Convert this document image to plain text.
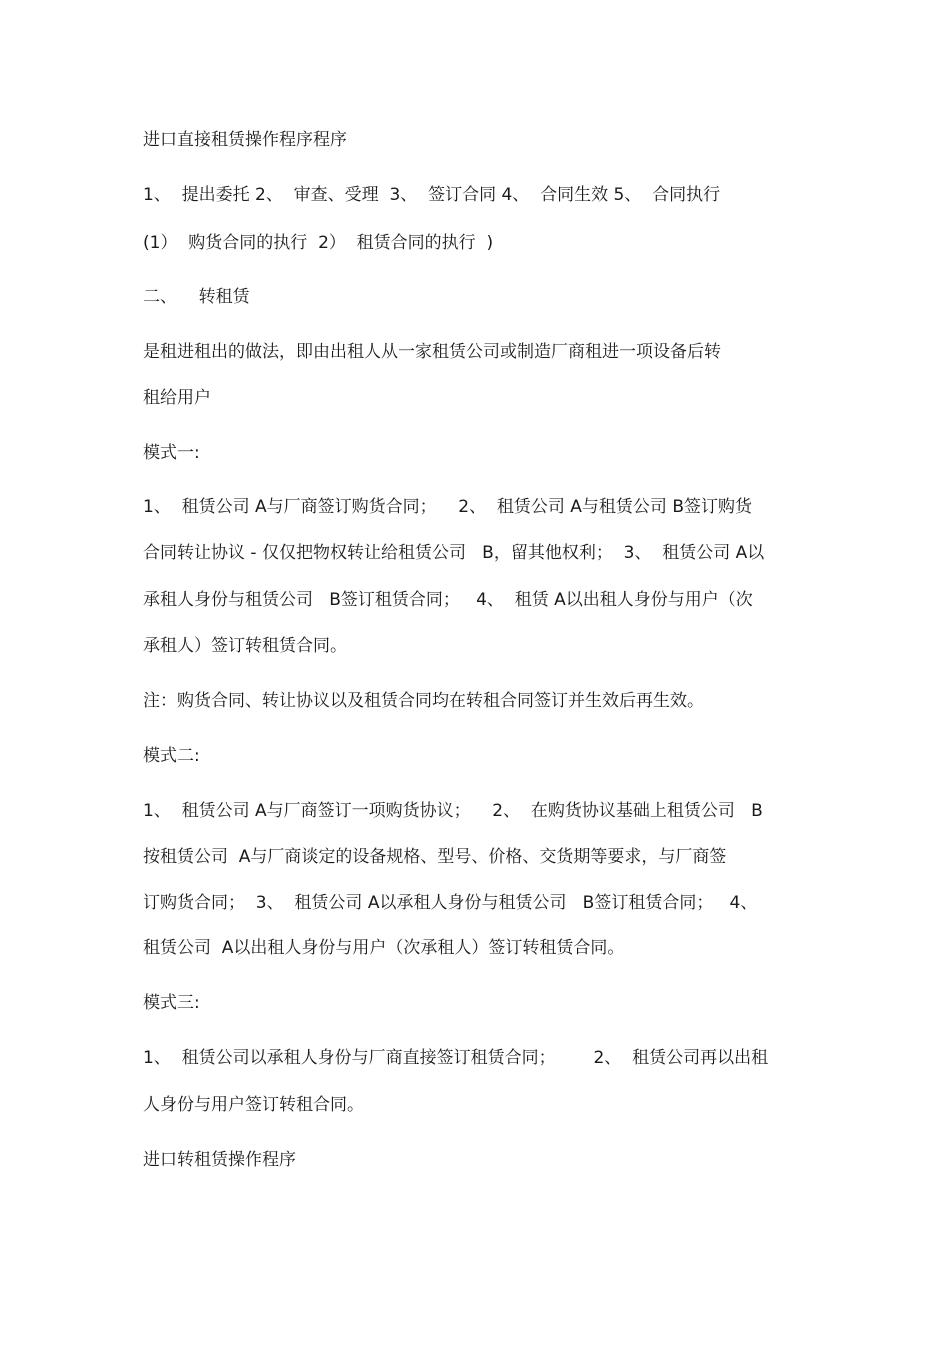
进口直接租赁操作程序程序
1、  提出委托 2、  审查、受理  3、  签订合同 4、  合同生效 5、  合同执行
(1）  购货合同的执行  2）  租赁合同的执行  )
二、    转租赁
是租进租出的做法，即由出租人从一家租赁公司或制造厂商租进一项设备后转
租给用户
模式一:
1、  租赁公司 A与厂商签订购货合同；    2、  租赁公司 A与租赁公司 B签订购货
合同转让协议 - 仅仅把物权转让给租赁公司   B，留其他权利；  3、  租赁公司 A以
承租人身份与租赁公司   B签订租赁合同；   4、  租赁 A以出租人身份与用户（次
承租人）签订转租赁合同。
注：购货合同、转让协议以及租赁合同均在转租合同签订并生效后再生效。
模式二:
1、  租赁公司 A与厂商签订一项购货协议；    2、  在购货协议基础上租赁公司   B
按租赁公司  A与厂商谈定的设备规格、型号、价格、交货期等要求，与厂商签
订购货合同；  3、  租赁公司 A以承租人身份与租赁公司   B签订租赁合同；   4、
租赁公司  A以出租人身份与用户（次承租人）签订转租赁合同。
模式三:
1、  租赁公司以承租人身份与厂商直接签订租赁合同；       2、  租赁公司再以出租
人身份与用户签订转租合同。
进口转租赁操作程序
